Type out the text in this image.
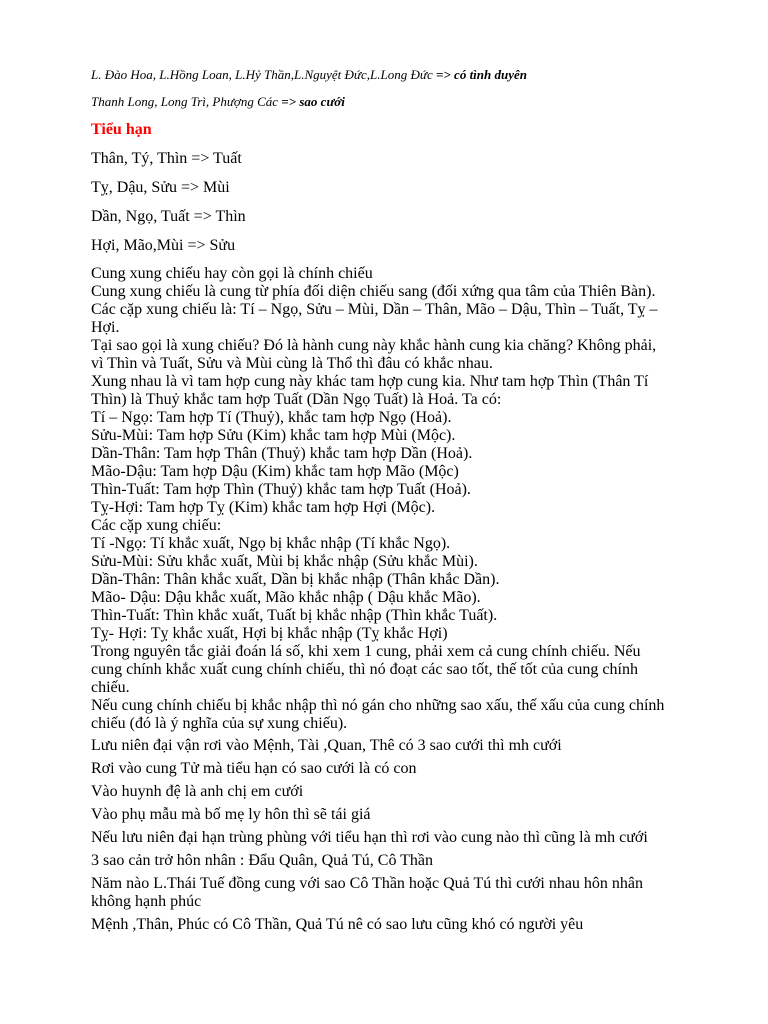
L. Đào Hoa, L.Hồng Loan, L.Hỷ Thần,L.Nguyệt Đức,L.Long Đức => có tình duyên
Thanh Long, Long Trì, Phượng Các => sao cưới
Tiểu hạn
Thân, Tý, Thìn => Tuất
Tỵ, Dậu, Sửu => Mùi
Dần, Ngọ, Tuất => Thìn
Hợi, Mão,Mùi => Sửu
Cung xung chiếu hay còn gọi là chính chiếu
Cung xung chiếu là cung từ phía đối diện chiếu sang (đối xứng qua tâm của Thiên Bàn).
Các cặp xung chiếu là: Tí – Ngọ, Sửu – Mùi, Dần – Thân, Mão – Dậu, Thìn – Tuất, Tỵ –
Hợi.
Tại sao gọi là xung chiếu? Đó là hành cung này khắc hành cung kia chăng? Không phải,
vì Thìn và Tuất, Sửu và Mùi cùng là Thổ thì đâu có khắc nhau.
Xung nhau là vì tam hợp cung này khác tam hợp cung kia. Như tam hợp Thìn (Thân Tí
Thìn) là Thuỷ khắc tam hợp Tuất (Dần Ngọ Tuất) là Hoả. Ta có:
Tí – Ngọ: Tam hợp Tí (Thuỷ), khắc tam hợp Ngọ (Hoả).
Sửu-Mùi: Tam hợp Sửu (Kim) khắc tam hợp Mùi (Mộc).
Dần-Thân: Tam hợp Thân (Thuỷ) khắc tam hợp Dần (Hoả).
Mão-Dậu: Tam hợp Dậu (Kim) khắc tam hợp Mão (Mộc)
Thìn-Tuất: Tam hợp Thìn (Thuỷ) khắc tam hợp Tuất (Hoả).
Tỵ-Hợi: Tam hợp Tỵ (Kim) khắc tam hợp Hợi (Mộc).
Các cặp xung chiếu:
Tí -Ngọ: Tí khắc xuất, Ngọ bị khắc nhập (Tí khắc Ngọ).
Sửu-Mùi: Sửu khắc xuất, Mùi bị khắc nhập (Sửu khắc Mùi).
Dần-Thân: Thân khắc xuất, Dần bị khắc nhập (Thân khắc Dần).
Mão- Dậu: Dậu khắc xuất, Mão khắc nhập ( Dậu khắc Mão).
Thìn-Tuất: Thìn khắc xuất, Tuất bị khắc nhập (Thìn khắc Tuất).
Tỵ- Hợi: Tỵ khắc xuất, Hợi bị khắc nhập (Tỵ khắc Hợi)
Trong nguyên tắc giải đoán lá số, khi xem 1 cung, phải xem cả cung chính chiếu. Nếu
cung chính khắc xuất cung chính chiếu, thì nó đoạt các sao tốt, thế tốt của cung chính
chiếu.
Nếu cung chính chiếu bị khắc nhập thì nó gán cho những sao xấu, thế xấu của cung chính
chiếu (đó là ý nghĩa của sự xung chiếu).
Lưu niên đại vận rơi vào Mệnh, Tài ,Quan, Thê có 3 sao cưới thì mh cưới
Rơi vào cung Tử mà tiểu hạn có sao cưới là có con
Vào huynh đệ là anh chị em cưới
Vào phụ mẫu mà bố mẹ ly hôn thì sẽ tái giá
Nếu lưu niên đại hạn trùng phùng với tiểu hạn thì rơi vào cung nào thì cũng là mh cưới
3 sao cản trở hôn nhân : Đẩu Quân, Quả Tú, Cô Thần
Năm nào L.Thái Tuế đồng cung với sao Cô Thần hoặc Quả Tú thì cưới nhau hôn nhân
không hạnh phúc
Mệnh ,Thân, Phúc có Cô Thần, Quả Tú nê có sao lưu cũng khó có người yêu
